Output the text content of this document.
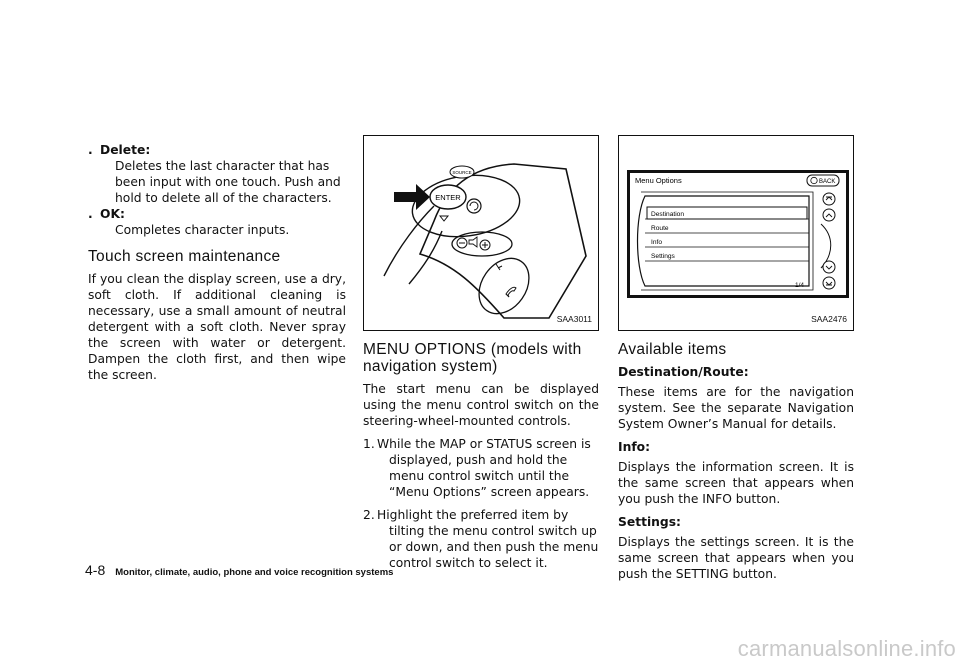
. Delete:

Deletes the last character that has been input with one touch. Push and hold to delete all of the characters.

. OK:

Completes character inputs.

Touch screen maintenance

If you clean the display screen, use a dry, soft cloth. If additional cleaning is necessary, use a small amount of neutral detergent with a soft cloth. Never spray the screen with water or detergent. Dampen the cloth first, and then wipe the screen.

ENTER
SOURCE
SAA3011
MENU OPTIONS (models with navigation system)

The start menu can be displayed using the menu control switch on the steering-wheel-mounted controls.

1. While the MAP or STATUS screen is displayed, push and hold the menu control switch until the “Menu Options” screen appears.
2. Highlight the preferred item by tilting the menu control switch up or down, and then push the menu control switch to select it.
Menu Options	BACK
Destination
Route
Info
Settings
1/4
SAA2476
Available items
Destination/Route:

These items are for the navigation system. See the separate Navigation System Owner’s Manual for details.

Info:

Displays the information screen. It is the same screen that appears when you push the INFO button.

Settings:

Displays the settings screen. It is the same screen that appears when you push the SETTING button.

4-8 Monitor, climate, audio, phone and voice recognition systems
carmanualsonline.info
